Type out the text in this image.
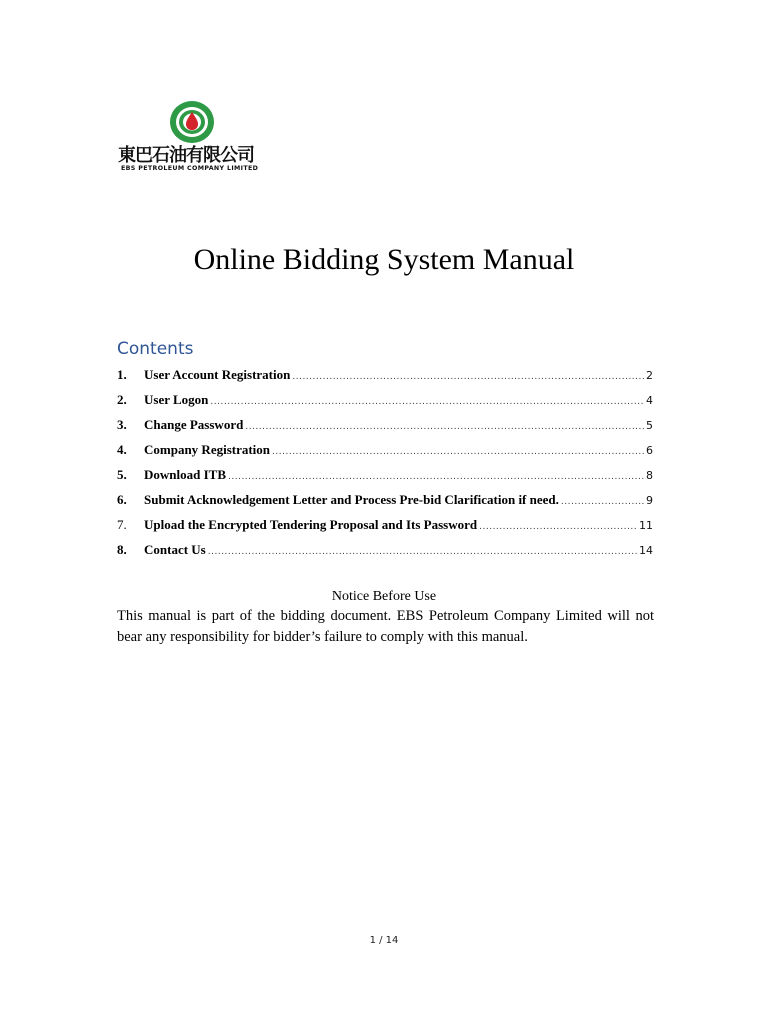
東巴石油有限公司
EBS PETROLEUM COMPANY LIMITED
Online Bidding System Manual
Contents
1.	User Account Registration .....	2
2.	User Logon .....	4
3.	Change Password .....	5
4.	Company Registration .....	6
5.	Download ITB .....	8
6.	Submit Acknowledgement Letter and Process Pre-bid Clarification if need. .....	9
7.	Upload the Encrypted Tendering Proposal and Its Password .....	11
8.	Contact Us .....	14
Notice Before Use
This manual is part of the bidding document. EBS Petroleum Company Limited will not bear any responsibility for bidder’s failure to comply with this manual.
1 / 14
